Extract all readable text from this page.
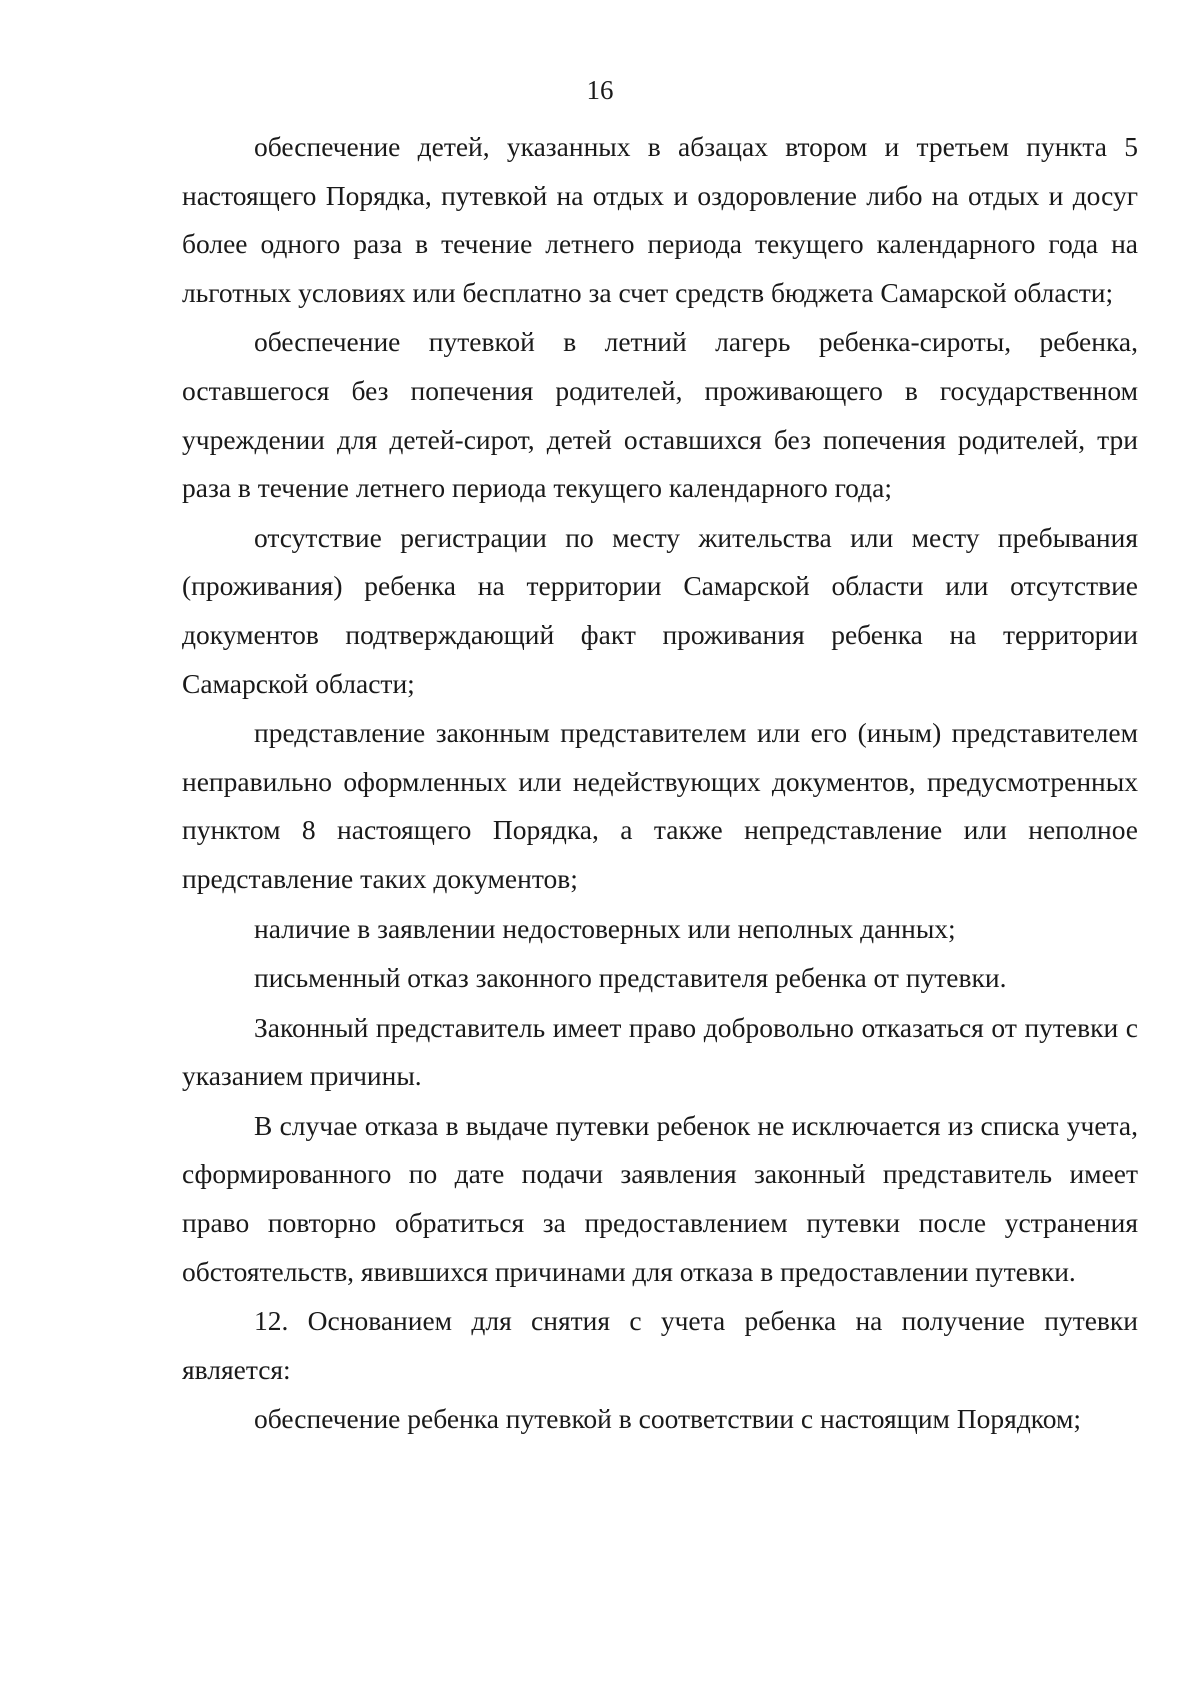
16

обеспечение детей, указанных в абзацах втором и третьем пункта 5 настоящего Порядка, путевкой на отдых и оздоровление либо на отдых и досуг более одного раза в течение летнего периода текущего календарного года на льготных условиях или бесплатно за счет средств бюджета Самарской области;

обеспечение путевкой в летний лагерь ребенка-сироты, ребенка, оставшегося без попечения родителей, проживающего в государственном учреждении для детей-сирот, детей оставшихся без попечения родителей, три раза в течение летнего периода текущего календарного года;

отсутствие регистрации по месту жительства или месту пребывания (проживания) ребенка на территории Самарской области или отсутствие документов подтверждающий факт проживания ребенка на территории Самарской области;

представление законным представителем или его (иным) представителем неправильно оформленных или недействующих документов, предусмотренных пунктом 8 настоящего Порядка, а также непредставление или неполное представление таких документов;

наличие в заявлении недостоверных или неполных данных;

письменный отказ законного представителя ребенка от путевки.

Законный представитель имеет право добровольно отказаться от путевки с указанием причины.

В случае отказа в выдаче путевки ребенок не исключается из списка учета, сформированного по дате подачи заявления законный представитель имеет право повторно обратиться за предоставлением путевки после устранения обстоятельств, явившихся причинами для отказа в предоставлении путевки.

12. Основанием для снятия с учета ребенка на получение путевки является:

обеспечение ребенка путевкой в соответствии с настоящим Порядком;
